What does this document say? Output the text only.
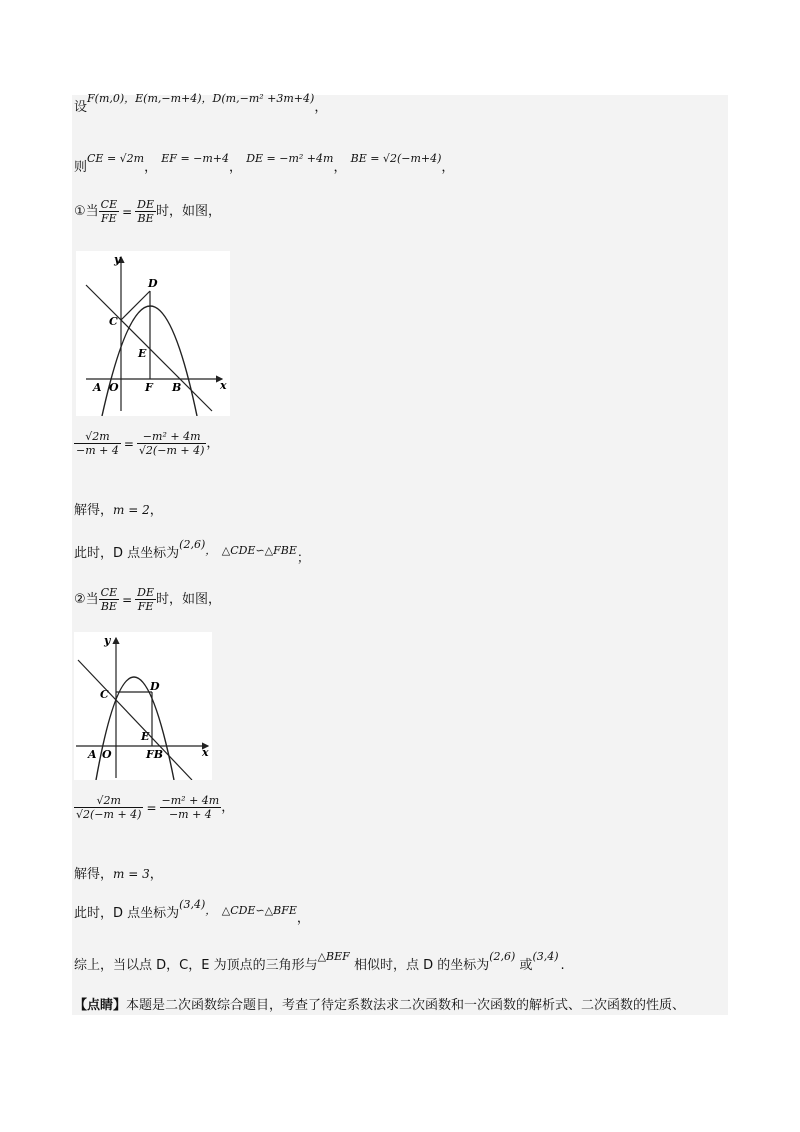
设$^{F(m,0),E(m,-m+4),D(m,-m^2 +3m+4)}$，
则$^{CE = √2m}$， $^{EF = -m+4}$， $^{DE = -m^2 +4m}$， $^{BE = √2(-m+4)}$，
①当 $\frac{CE}{FE} = \frac{DE}{BE}$ 时，如图，
y
x
D
C
E
A O F B
$\frac{√2m}{-m + 4} = \frac{\text{−m² + 4m}}{√2(-m + 4)}$ ，
解得，m = 2，
此时，D 点坐标为$^{(2,6), \triangle CDE∽\triangle FBE}$；
②当 $\frac{CE}{BE} = \frac{DE}{FE}$ 时，如图，
y
x
D
C
E
A O	FB
$\frac{√2m}{√2(-m + 4)} = \frac{\text{−m² + 4m}}{-m + 4}$ ，
解得，m = 3，
此时，D 点坐标为$^{(3,4), \triangle CDE∽\triangle BFE}$，
综上，当以点 D，C，E 为顶点的三角形与$^{\triangle BEF}$ 相似时，点 D 的坐标为$^{(2,6)}$ 或$^{(3,4)}$.
【点睛】本题是二次函数综合题目，考查了待定系数法求二次函数和一次函数的解析式、二次函数的性质、
